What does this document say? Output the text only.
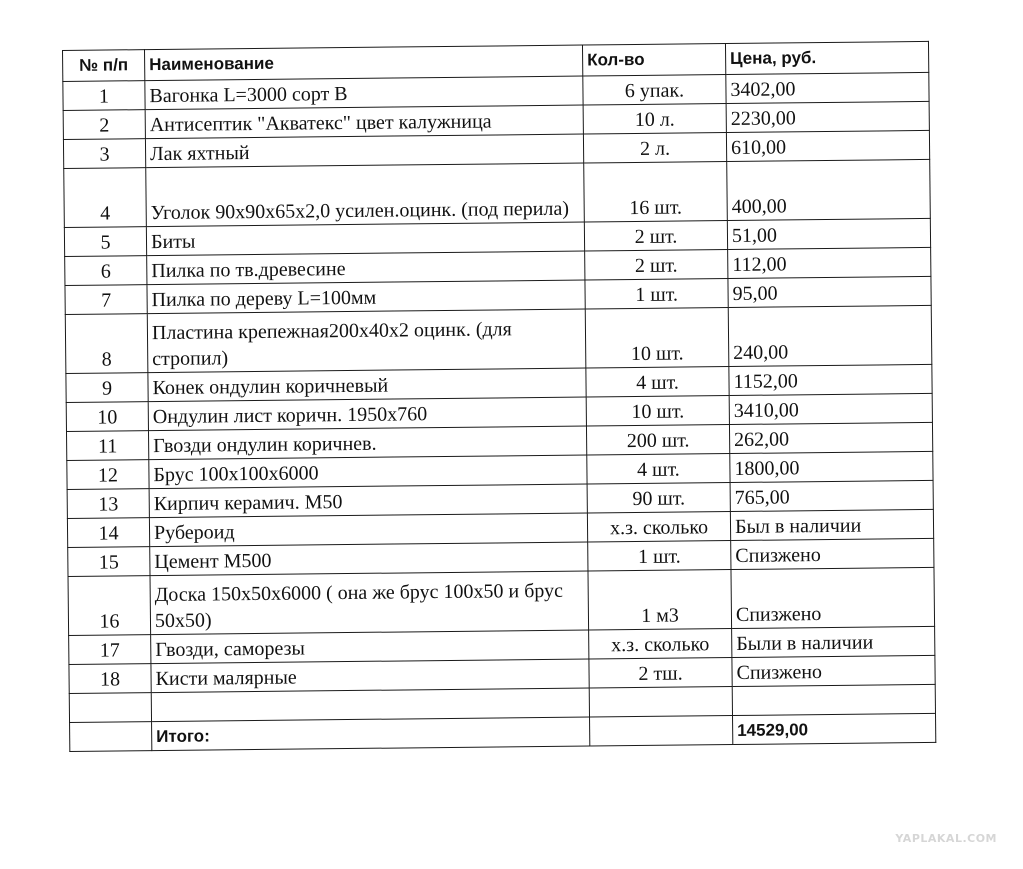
№ п/п	Наименование	Кол-во	Цена, руб.
1	Вагонка L=3000 сорт В	6 упак.	3402,00
2	Антисептик "Акватекс" цвет калужница	10 л.	2230,00
3	Лак яхтный	2 л.	610,00
4	Уголок 90х90х65х2,0 усилен.оцинк. (под перила)	16 шт.	400,00
5	Биты	2 шт.	51,00
6	Пилка по тв.древесине	2 шт.	112,00
7	Пилка по дереву L=100мм	1 шт.	95,00
8	Пластина крепежная200х40х2 оцинк. (для стропил)	10 шт.	240,00
9	Конек ондулин коричневый	4 шт.	1152,00
10	Ондулин лист коричн. 1950х760	10 шт.	3410,00
11	Гвозди ондулин коричнев.	200 шт.	262,00
12	Брус 100х100х6000	4 шт.	1800,00
13	Кирпич керамич. М50	90 шт.	765,00
14	Рубероид	х.з. сколько	Был в наличии
15	Цемент М500	1 шт.	Спизжено
16	Доска 150х50х6000 ( она же брус 100х50 и брус 50х50)	1 м3	Спизжено
17	Гвозди, саморезы	х.з. сколько	Были в наличии
18	Кисти малярные	2 тш.	Спизжено

	Итого:		14529,00
YAPLAKAL.COM
